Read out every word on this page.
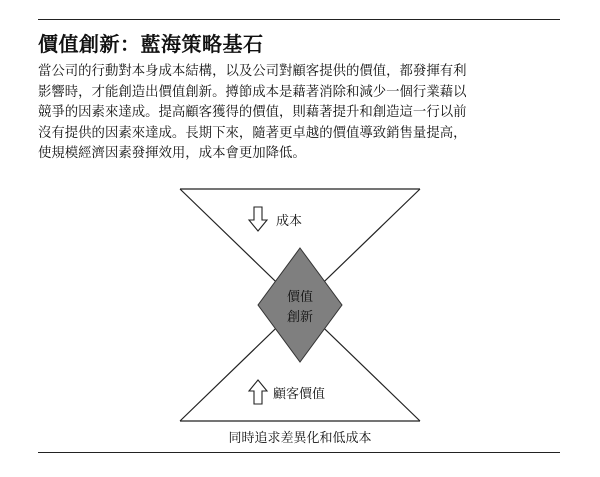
價值創新：藍海策略基石
當公司的行動對本身成本結構，以及公司對顧客提供的價值，都發揮有利
影響時，才能創造出價值創新。撙節成本是藉著消除和減少一個行業藉以
競爭的因素來達成。提高顧客獲得的價值，則藉著提升和創造這一行以前
沒有提供的因素來達成。長期下來，隨著更卓越的價值導致銷售量提高，
使規模經濟因素發揮效用，成本會更加降低。
價值
創新
成本
顧客價值
同時追求差異化和低成本
